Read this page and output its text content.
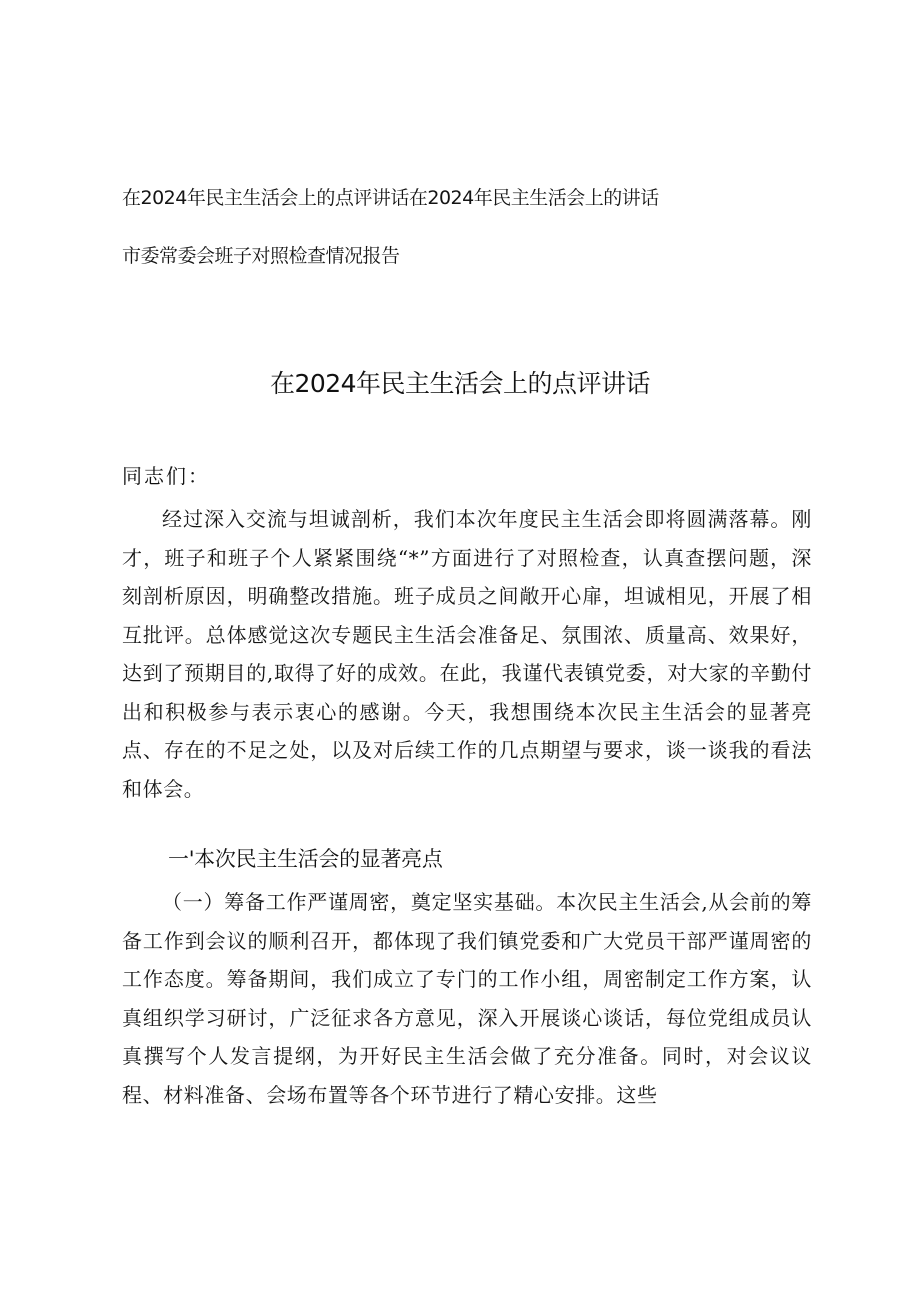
在2024年民主生活会上的点评讲话在2024年民主生活会上的讲话
市委常委会班子对照检查情况报告
在2024年民主生活会上的点评讲话
同志们：

经过深入交流与坦诚剖析，我们本次年度民主生活会即将圆满落幕。刚才，班子和班子个人紧紧围绕“*”方面进行了对照检查，认真查摆问题，深刻剖析原因，明确整改措施。班子成员之间敞开心扉，坦诚相见，开展了相互批评。总体感觉这次专题民主生活会准备足、氛围浓、质量高、效果好，达到了预期目的,取得了好的成效。在此，我谨代表镇党委，对大家的辛勤付出和积极参与表示衷心的感谢。今天，我想围绕本次民主生活会的显著亮点、存在的不足之处，以及对后续工作的几点期望与要求，谈一谈我的看法和体会。

一'本次民主生活会的显著亮点

（一）筹备工作严谨周密，奠定坚实基础。本次民主生活会,从会前的筹备工作到会议的顺利召开，都体现了我们镇党委和广大党员干部严谨周密的工作态度。筹备期间，我们成立了专门的工作小组，周密制定工作方案，认真组织学习研讨，广泛征求各方意见，深入开展谈心谈话，每位党组成员认真撰写个人发言提纲，为开好民主生活会做了充分准备。同时，对会议议程、材料准备、会场布置等各个环节进行了精心安排。这些
